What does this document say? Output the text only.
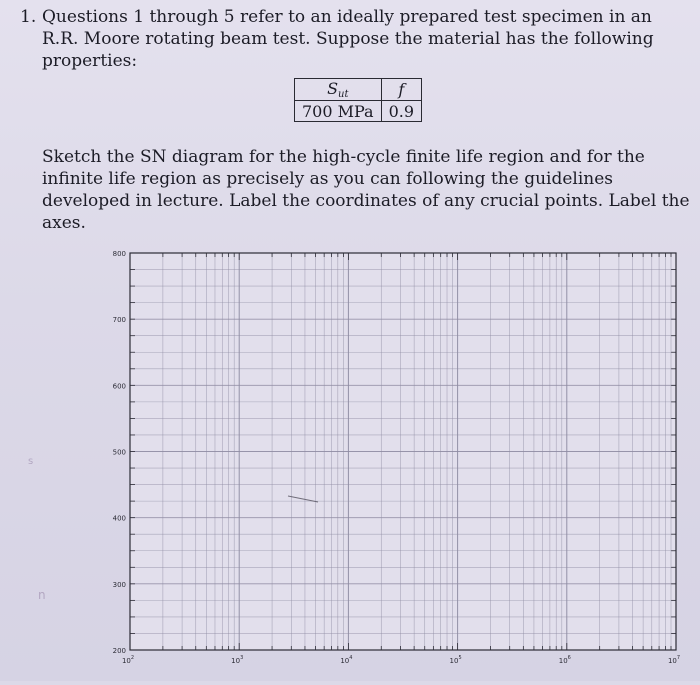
1. Questions 1 through 5 refer to an ideally prepared test specimen in an R.R. Moore rotating beam test. Suppose the material has the following properties:
$S_{ut}$	f
700 MPa	0.9
Sketch the SN diagram for the high-cycle finite life region and for the infinite life region as precisely as you can following the guidelines developed in lecture. Label the coordinates of any crucial points. Label the axes.
800
700
600
500
400
300
200
$10^2$	$10^3$	$10^4$	$10^5$	$10^6$	$10^7$
n
s
